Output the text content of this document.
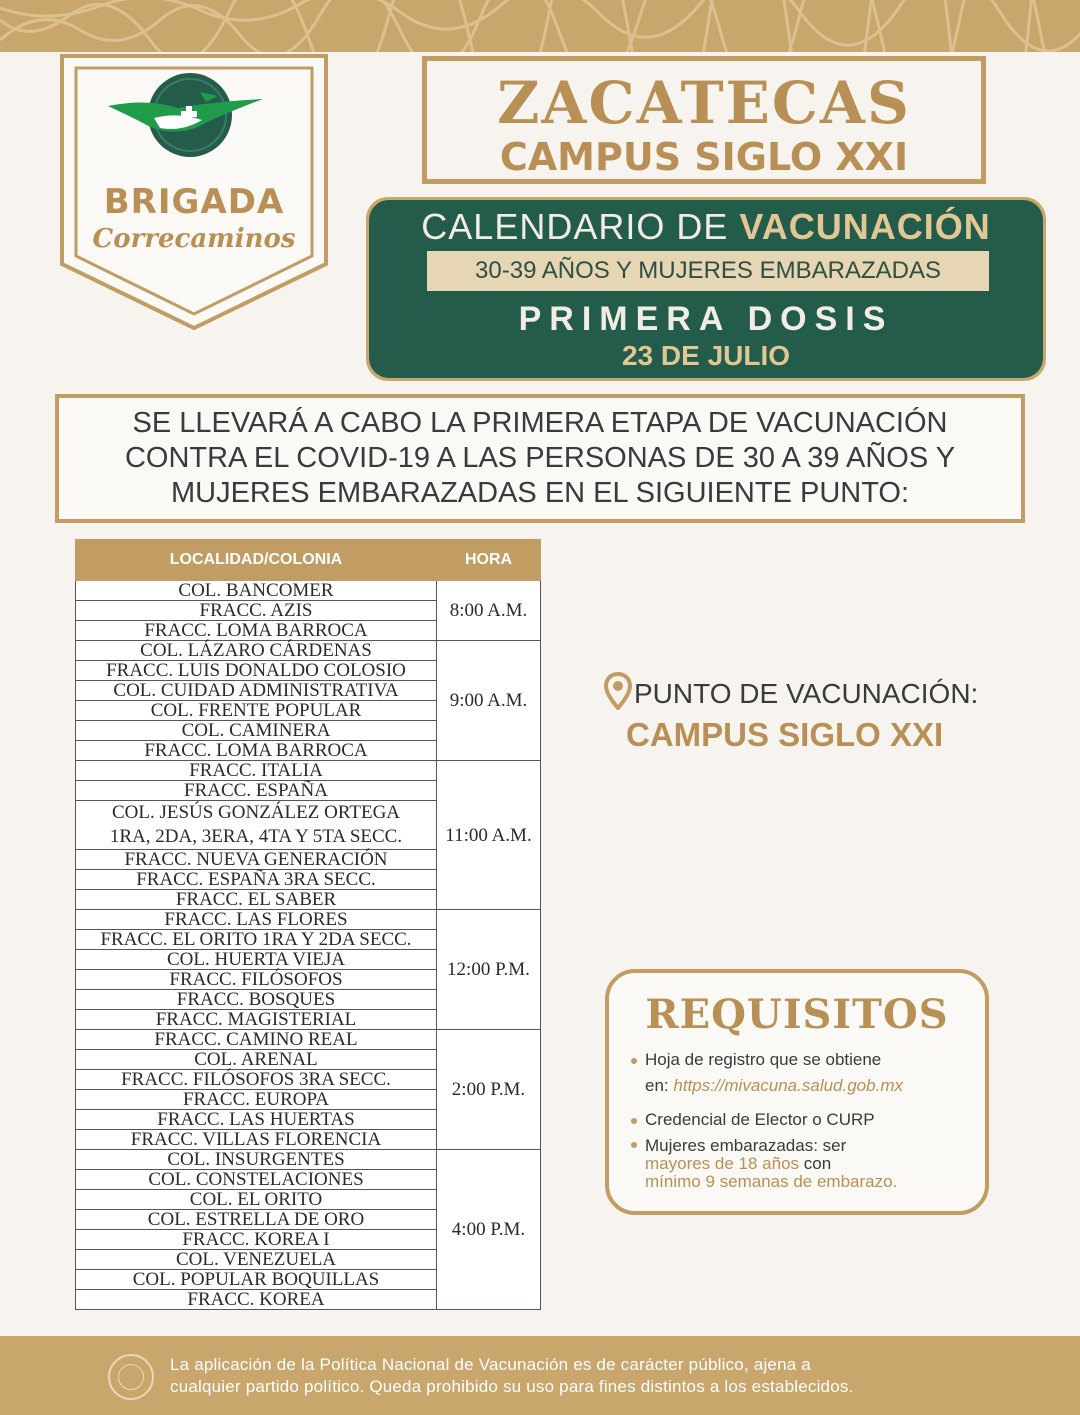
BRIGADA
Correcaminos
ZACATECAS
CAMPUS SIGLO XXI
CALENDARIO DE VACUNACIÓN
30-39 AÑOS Y MUJERES EMBARAZADAS
PRIMERA DOSIS
23 DE JULIO
SE LLEVARÁ A CABO LA PRIMERA ETAPA DE VACUNACIÓN
CONTRA EL COVID-19 A LAS PERSONAS DE 30 A 39 AÑOS Y
MUJERES EMBARAZADAS EN EL SIGUIENTE PUNTO:
LOCALIDAD/COLONIA	HORA
COL. BANCOMER	8:00 A.M.
FRACC. AZIS	
FRACC. LOMA BARROCA	
COL. LÁZARO CÁRDENAS	9:00 A.M.
FRACC. LUIS DONALDO COLOSIO	
COL. CUIDAD ADMINISTRATIVA	
COL. FRENTE POPULAR	
COL. CAMINERA	
FRACC. LOMA BARROCA	
FRACC. ITALIA	11:00 A.M.
FRACC. ESPAÑA	
COL. JESÚS GONZÁLEZ ORTEGA
1RA, 2DA, 3ERA, 4TA Y 5TA SECC.	
FRACC. NUEVA GENERACIÓN	
FRACC. ESPAÑA 3RA SECC.	
FRACC. EL SABER	
FRACC. LAS FLORES	12:00 P.M.
FRACC. EL ORITO 1RA Y 2DA SECC.	
COL. HUERTA VIEJA	
FRACC. FILÓSOFOS	
FRACC. BOSQUES	
FRACC. MAGISTERIAL	
FRACC. CAMINO REAL	2:00 P.M.
COL. ARENAL	
FRACC. FILÓSOFOS 3RA SECC.	
FRACC. EUROPA	
FRACC. LAS HUERTAS	
FRACC. VILLAS FLORENCIA	
COL. INSURGENTES	4:00 P.M.
COL. CONSTELACIONES	
COL. EL ORITO	
COL. ESTRELLA DE ORO	
FRACC. KOREA I	
COL. VENEZUELA	
COL. POPULAR BOQUILLAS	
FRACC. KOREA	
PUNTO DE VACUNACIÓN:
CAMPUS SIGLO XXI
REQUISITOS
Hoja de registro que se obtiene
en: https://mivacuna.salud.gob.mx
Credencial de Elector o CURP
Mujeres embarazadas: ser
mayores de 18 años con
mínimo 9 semanas de embarazo.
La aplicación de la Política Nacional de Vacunación es de carácter público, ajena a
cualquier partido político. Queda prohibido su uso para fines distintos a los establecidos.
